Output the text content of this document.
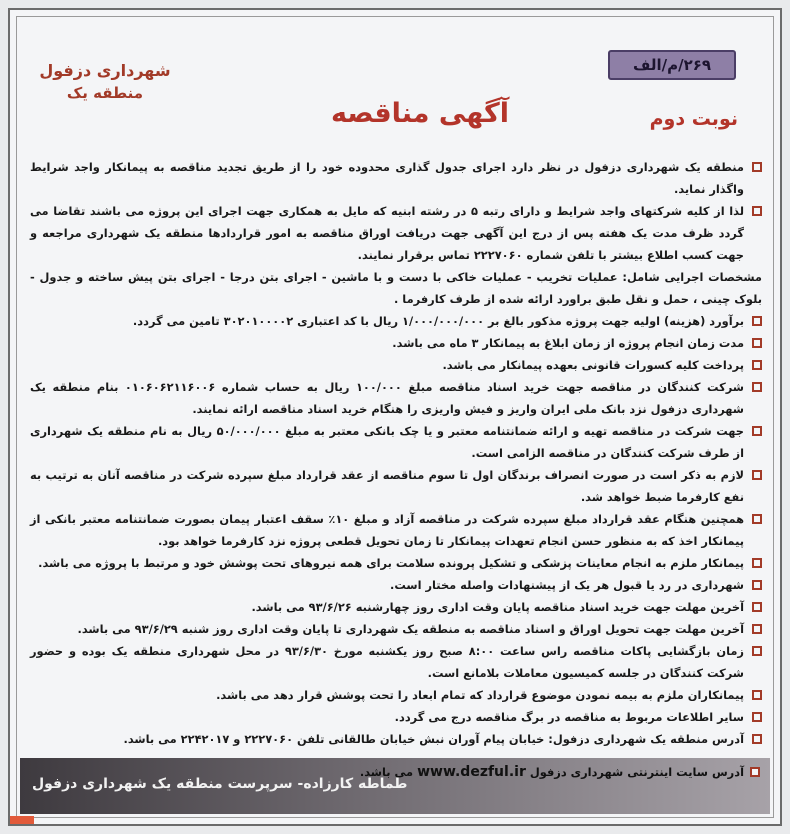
۲۶۹/م/الف
شهرداری دزفول
منطقه یک
آگهی مناقصه	نوبت دوم
منطقه یک شهرداری دزفول در نظر دارد اجرای جدول گذاری محدوده خود را از طریق تجدید مناقصه به پیمانکار واجد شرایط واگذار نماید.
لذا از کلیه شرکتهای واجد شرایط و دارای رتبه ۵ در رشته ابنیه که مایل به همکاری جهت اجرای این پروژه می باشند تقاضا می گردد ظرف مدت یک هفته پس از درج این آگهی جهت دریافت اوراق مناقصه به امور قراردادها منطقه یک شهرداری مراجعه و جهت کسب اطلاع بیشتر با تلفن شماره ۲۲۲۷۰۶۰ تماس برقرار نمایند.
مشخصات اجرایی شامل: عملیات تخریب - عملیات خاکی با دست و با ماشین - اجرای بتن درجا - اجرای بتن پیش ساخته و جدول - بلوک چینی ، حمل و نقل طبق براورد ارائه شده از طرف کارفرما .
برآورد (هزینه) اولیه جهت پروژه مذکور بالغ بر ۱/۰۰۰/۰۰۰/۰۰۰ ریال با کد اعتباری ۳۰۲۰۱۰۰۰۰۲ تامین می گردد.
مدت زمان انجام پروژه از زمان ابلاغ به پیمانکار ۳ ماه می باشد.
پرداخت کلیه کسورات قانونی بعهده پیمانکار می باشد.
شرکت کنندگان در مناقصه جهت خرید اسناد مناقصه مبلغ ۱۰۰/۰۰۰ ریال به حساب شماره ۰۱۰۶۰۶۲۱۱۶۰۰۶ بنام منطقه یک شهرداری دزفول نزد بانک ملی ایران واریز و فیش واریزی را هنگام خرید اسناد مناقصه ارائه نمایند.
جهت شرکت در مناقصه تهیه و ارائه ضمانتنامه معتبر و یا چک بانکی معتبر به مبلغ ۵۰/۰۰۰/۰۰۰ ریال به نام منطقه یک شهرداری از طرف شرکت کنندگان در مناقصه الزامی است.
لازم به ذکر است در صورت انصراف برندگان اول تا سوم مناقصه از عقد قرارداد مبلغ سپرده شرکت در مناقصه آنان به ترتیب به نفع کارفرما ضبط خواهد شد.
همچنین هنگام عقد قرارداد مبلغ سپرده شرکت در مناقصه آزاد و مبلغ ۱۰٪ سقف اعتبار پیمان بصورت ضمانتنامه معتبر بانکی از پیمانکار اخذ که به منظور حسن انجام تعهدات پیمانکار تا زمان تحویل قطعی پروژه نزد کارفرما خواهد بود.
پیمانکار ملزم به انجام معاینات پزشکی و تشکیل پرونده سلامت برای همه نیروهای تحت پوشش خود و مرتبط با پروژه می باشد.
شهرداری در رد یا قبول هر یک از پیشنهادات واصله مختار است.
آخرین مهلت جهت خرید اسناد مناقصه پایان وقت اداری روز چهارشنبه ۹۳/۶/۲۶ می باشد.
آخرین مهلت جهت تحویل اوراق و اسناد مناقصه به منطقه یک شهرداری تا پایان وقت اداری روز شنبه ۹۳/۶/۲۹ می باشد.
زمان بازگشایی پاکات مناقصه راس ساعت ۸:۰۰ صبح روز یکشنبه مورخ ۹۳/۶/۳۰ در محل شهرداری منطقه یک بوده و حضور شرکت کنندگان در جلسه کمیسیون معاملات بلامانع است.
پیمانکاران ملزم به بیمه نمودن موضوع قرارداد که تمام ابعاد را تحت پوشش قرار دهد می باشد.
سایر اطلاعات مربوط به مناقصه در برگ مناقصه درج می گردد.
آدرس منطقه یک شهرداری دزفول: خیابان پیام آوران نبش خیابان طالقانی تلفن ۲۲۲۷۰۶۰ و ۲۲۴۲۰۱۷ می باشد.
آدرس سایت اینترنتی شهرداری دزفول www.dezful.ir می باشد.
طماطه کارزاده- سرپرست منطقه یک شهرداری دزفول
